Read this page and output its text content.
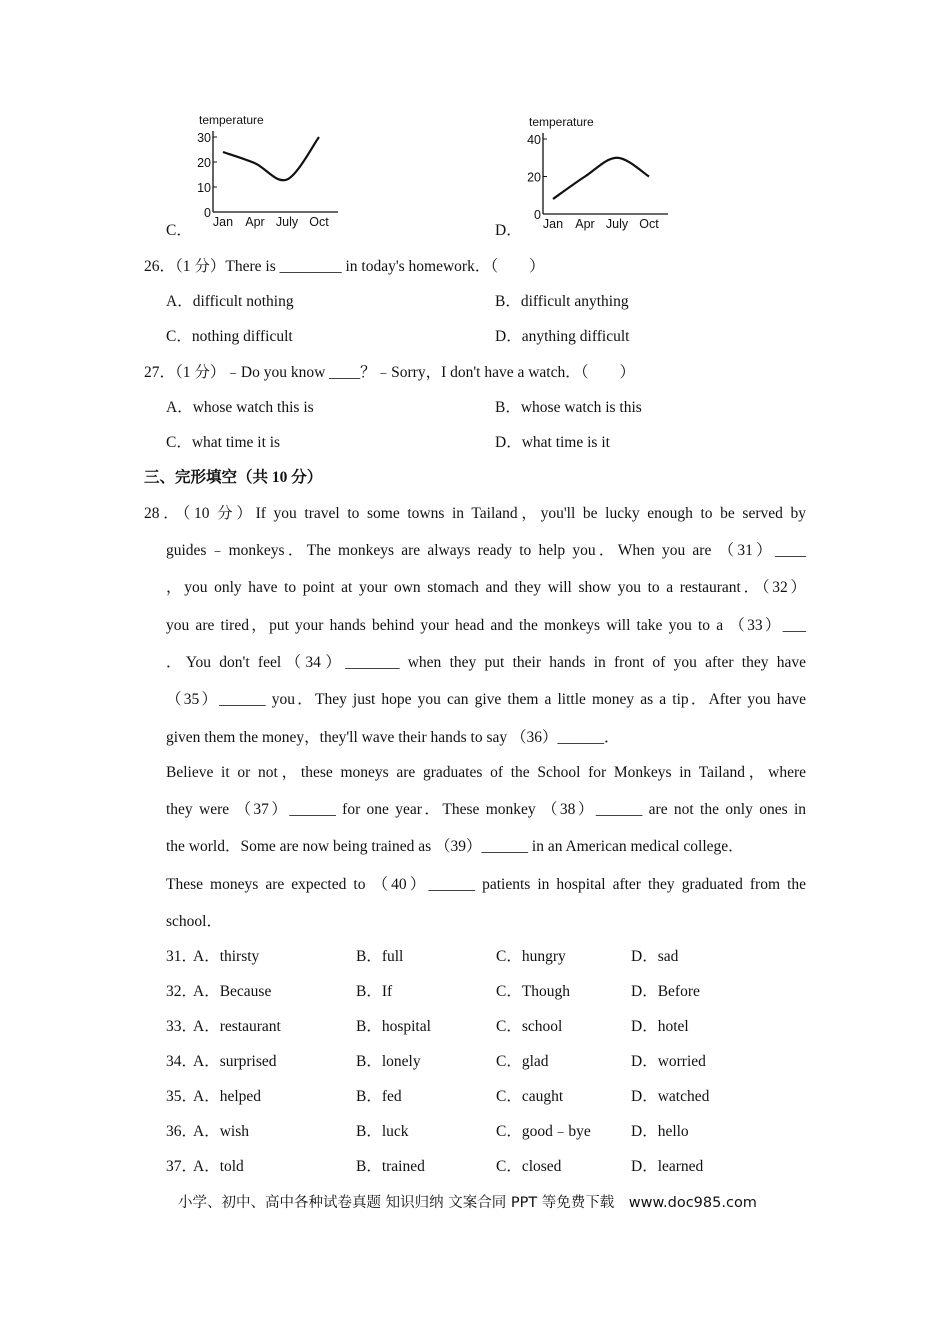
C．	D．
temperature
0
10
20
30
Jan Apr July Oct
temperature
0
20
40
Jan Apr July Oct
26．（1 分）There is ________ in today's homework．（　　）
A．difficult nothing	B．difficult anything
C．nothing difficult	D．anything difficult
27．（1 分）﹣Do you know ____？﹣Sorry，I don't have a watch．（　　）
A．whose watch this is	B．whose watch is this
C．what time it is	D．what time is it
三、完形填空（共 10 分）
28．（10 分）If you travel to some towns in Tailand，you'll be lucky enough to be served by
guides﹣monkeys．The monkeys are always ready to help you．When you are （31）____
，you only have to point at your own stomach and they will show you to a restaurant．（32）
you are tired，put your hands behind your head and the monkeys will take you to a （33）___
．You don't feel（34）_______ when they put their hands in front of you after they have
（35）______ you．They just hope you can give them a little money as a tip．After you have
given them the money，they'll wave their hands to say （36）______．
Believe it or not，these moneys are graduates of the School for Monkeys in Tailand，where
they were （37）______ for one year．These monkey （38）______ are not the only ones in
the world．Some are now being trained as （39）______ in an American medical college．
These moneys are expected to （40）______ patients in hospital after they graduated from the
school．
31．
A．thirsty	B．full	C．hungry	D．sad
32．
A．Because	B．If	C．Though	D．Before
33．
A．restaurant	B．hospital	C．school	D．hotel
34．
A．surprised	B．lonely	C．glad	D．worried
35．
A．helped	B．fed	C．caught	D．watched
36．
A．wish	B．luck	C．good﹣bye	D．hello
37．
A．told	B．trained	C．closed	D．learned
小学、初中、高中各种试卷真题 知识归纳 文案合同 PPT 等免费下载　www.doc985.com
